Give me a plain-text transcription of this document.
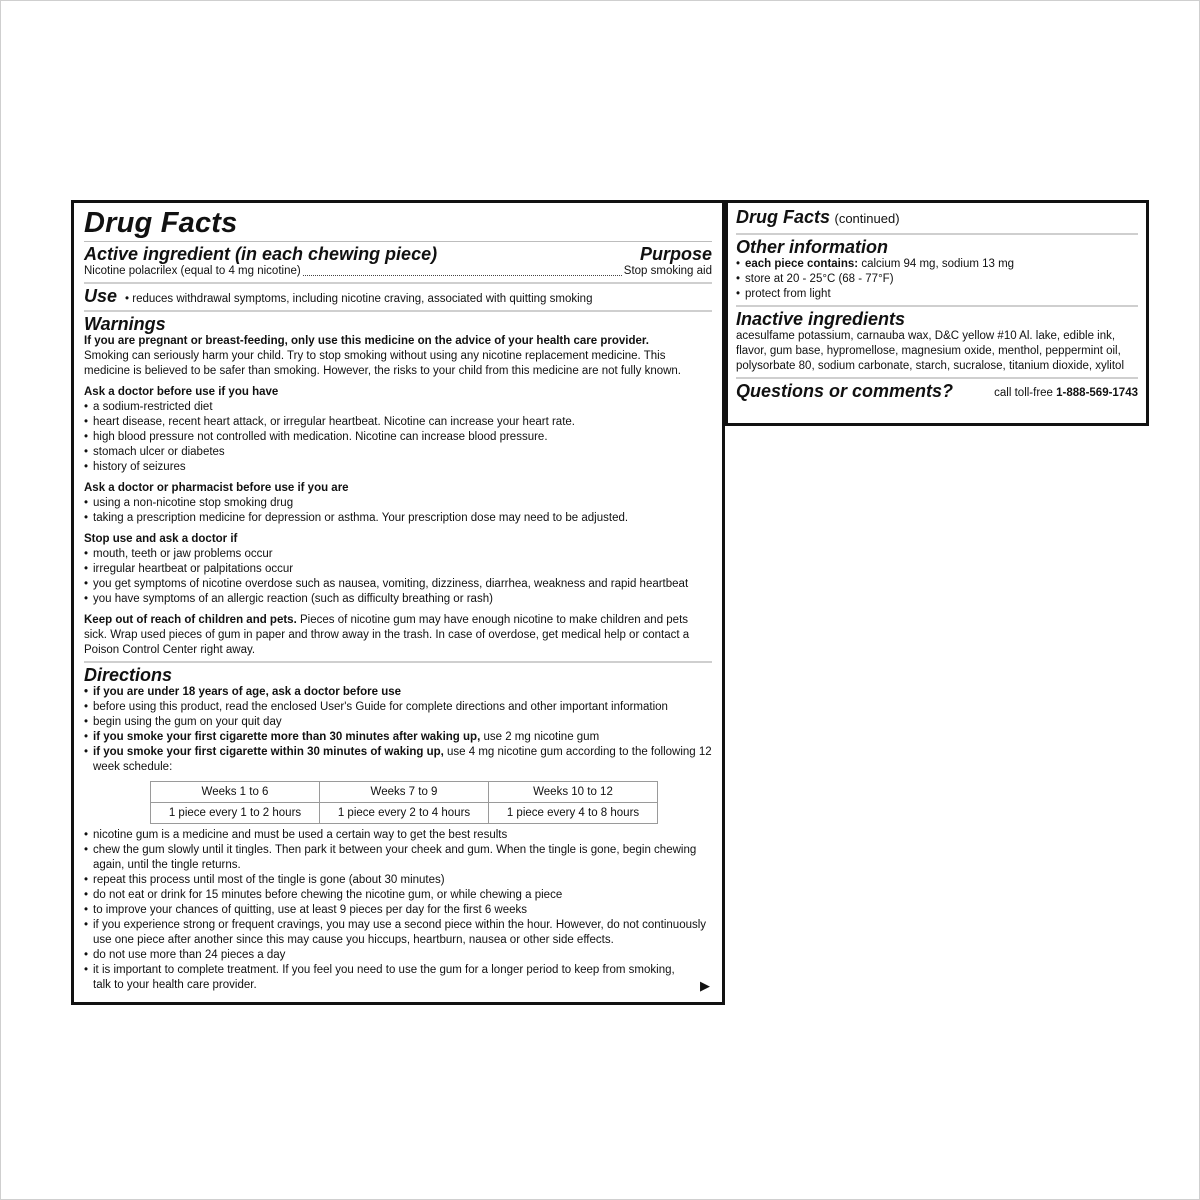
Drug Facts
Active ingredient (in each chewing piece)	Purpose
Nicotine polacrilex (equal to 4 mg nicotine)	Stop smoking aid
Use • reduces withdrawal symptoms, including nicotine craving, associated with quitting smoking
Warnings
If you are pregnant or breast-feeding, only use this medicine on the advice of your health care provider.
Smoking can seriously harm your child. Try to stop smoking without using any nicotine replacement medicine. This medicine is believed to be safer than smoking. However, the risks to your child from this medicine are not fully known.
Ask a doctor before use if you have
• a sodium-restricted diet
• heart disease, recent heart attack, or irregular heartbeat. Nicotine can increase your heart rate.
• high blood pressure not controlled with medication. Nicotine can increase blood pressure.
• stomach ulcer or diabetes
• history of seizures
Ask a doctor or pharmacist before use if you are
• using a non-nicotine stop smoking drug
• taking a prescription medicine for depression or asthma. Your prescription dose may need to be adjusted.
Stop use and ask a doctor if
• mouth, teeth or jaw problems occur
• irregular heartbeat or palpitations occur
• you get symptoms of nicotine overdose such as nausea, vomiting, dizziness, diarrhea, weakness and rapid heartbeat
• you have symptoms of an allergic reaction (such as difficulty breathing or rash)
Keep out of reach of children and pets. Pieces of nicotine gum may have enough nicotine to make children and pets sick. Wrap used pieces of gum in paper and throw away in the trash. In case of overdose, get medical help or contact a Poison Control Center right away.
Directions
• if you are under 18 years of age, ask a doctor before use
• before using this product, read the enclosed User's Guide for complete directions and other important information
• begin using the gum on your quit day
• if you smoke your first cigarette more than 30 minutes after waking up, use 2 mg nicotine gum
• if you smoke your first cigarette within 30 minutes of waking up, use 4 mg nicotine gum according to the following 12 week schedule:
Weeks 1 to 6	Weeks 7 to 9	Weeks 10 to 12
1 piece every 1 to 2 hours	1 piece every 2 to 4 hours	1 piece every 4 to 8 hours
• nicotine gum is a medicine and must be used a certain way to get the best results
• chew the gum slowly until it tingles. Then park it between your cheek and gum. When the tingle is gone, begin chewing again, until the tingle returns.
• repeat this process until most of the tingle is gone (about 30 minutes)
• do not eat or drink for 15 minutes before chewing the nicotine gum, or while chewing a piece
• to improve your chances of quitting, use at least 9 pieces per day for the first 6 weeks
• if you experience strong or frequent cravings, you may use a second piece within the hour. However, do not continuously use one piece after another since this may cause you hiccups, heartburn, nausea or other side effects.
• do not use more than 24 pieces a day
• it is important to complete treatment. If you feel you need to use the gum for a longer period to keep from smoking, talk to your health care provider.	▶
Drug Facts (continued)
Other information
• each piece contains: calcium 94 mg, sodium 13 mg
• store at 20 - 25°C (68 - 77°F)
• protect from light
Inactive ingredients
acesulfame potassium, carnauba wax, D&C yellow #10 Al. lake, edible ink, flavor, gum base, hypromellose, magnesium oxide, menthol, peppermint oil, polysorbate 80, sodium carbonate, starch, sucralose, titanium dioxide, xylitol
Questions or comments?	call toll-free 1-888-569-1743
